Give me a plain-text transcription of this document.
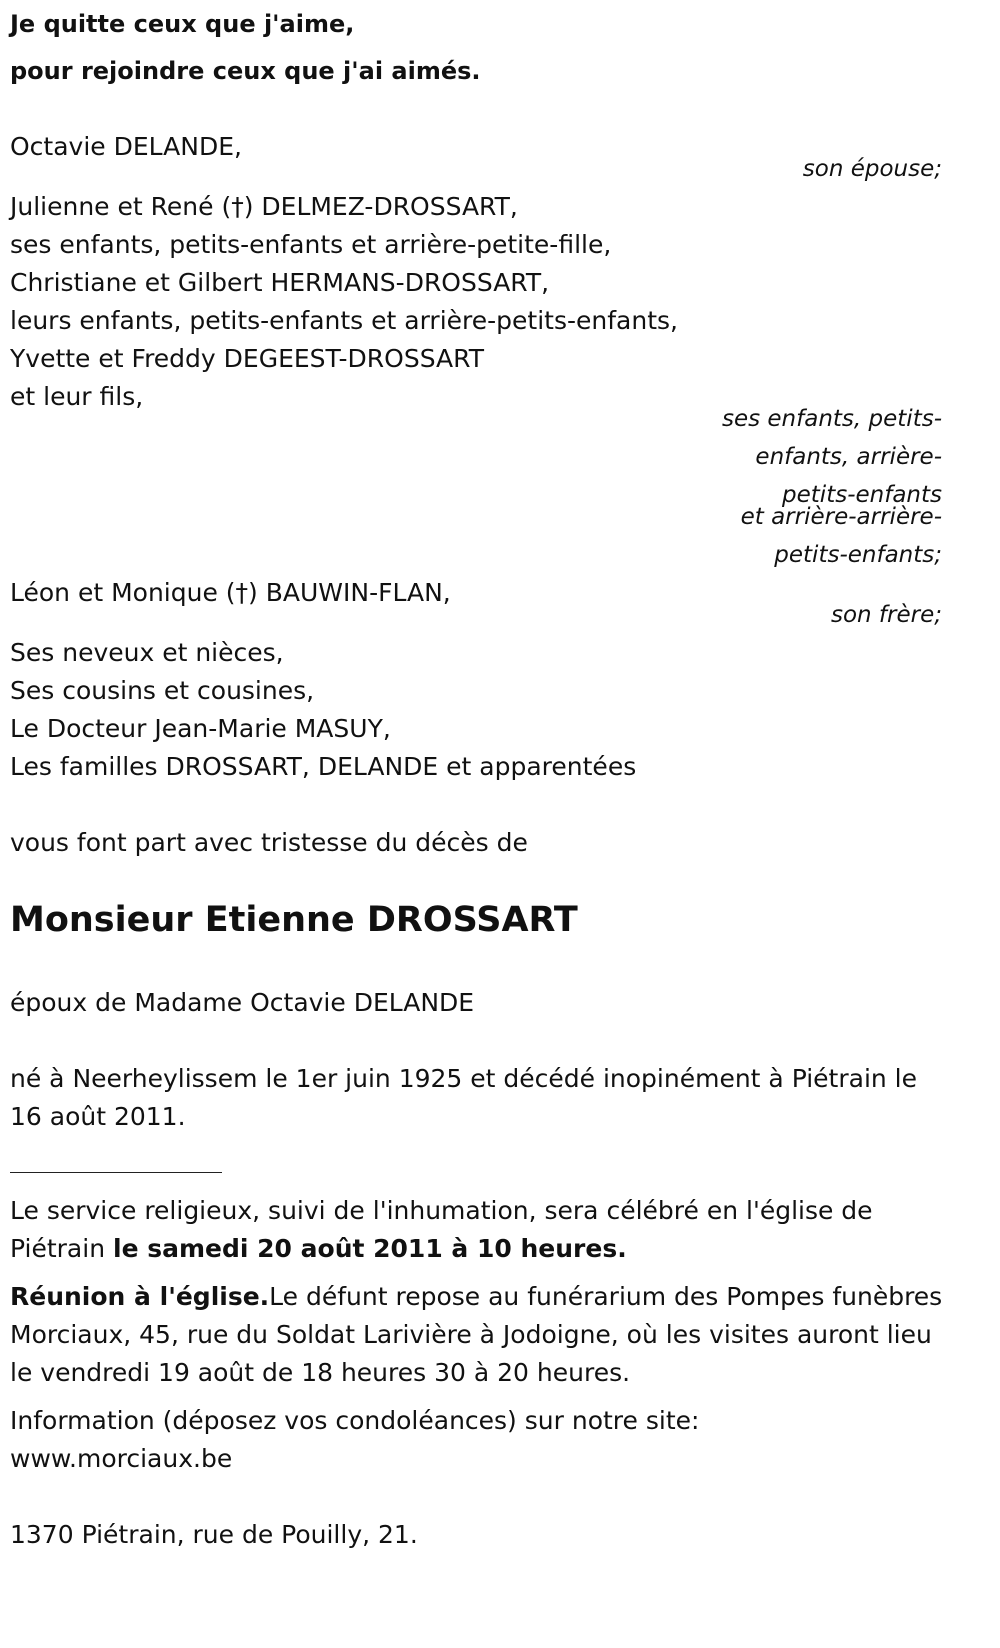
Je quitte ceux que j'aime,
pour rejoindre ceux que j'ai aimés.
Octavie DELANDE,
son épouse;
Julienne et René (†) DELMEZ-DROSSART,
ses enfants, petits-enfants et arrière-petite-fille,
Christiane et Gilbert HERMANS-DROSSART,
leurs enfants, petits-enfants et arrière-petits-enfants,
Yvette et Freddy DEGEEST-DROSSART
et leur fils,
ses enfants, petits-
enfants, arrière-
petits-enfants
et arrière-arrière-
petits-enfants;
Léon et Monique (†) BAUWIN-FLAN,
son frère;
Ses neveux et nièces,
Ses cousins et cousines,
Le Docteur Jean-Marie MASUY,
Les familles DROSSART, DELANDE et apparentées
vous font part avec tristesse du décès de
Monsieur Etienne DROSSART
époux de Madame Octavie DELANDE
né à Neerheylissem le 1er juin 1925 et décédé inopinément à Piétrain le
16 août 2011.
Le service religieux, suivi de l'inhumation, sera célébré en l'église de
Piétrain le samedi 20 août 2011 à 10 heures.
Réunion à l'église.Le défunt repose au funérarium des Pompes funèbres
Morciaux, 45, rue du Soldat Larivière à Jodoigne, où les visites auront lieu
le vendredi 19 août de 18 heures 30 à 20 heures.
Information (déposez vos condoléances) sur notre site:
www.morciaux.be
1370 Piétrain, rue de Pouilly, 21.
